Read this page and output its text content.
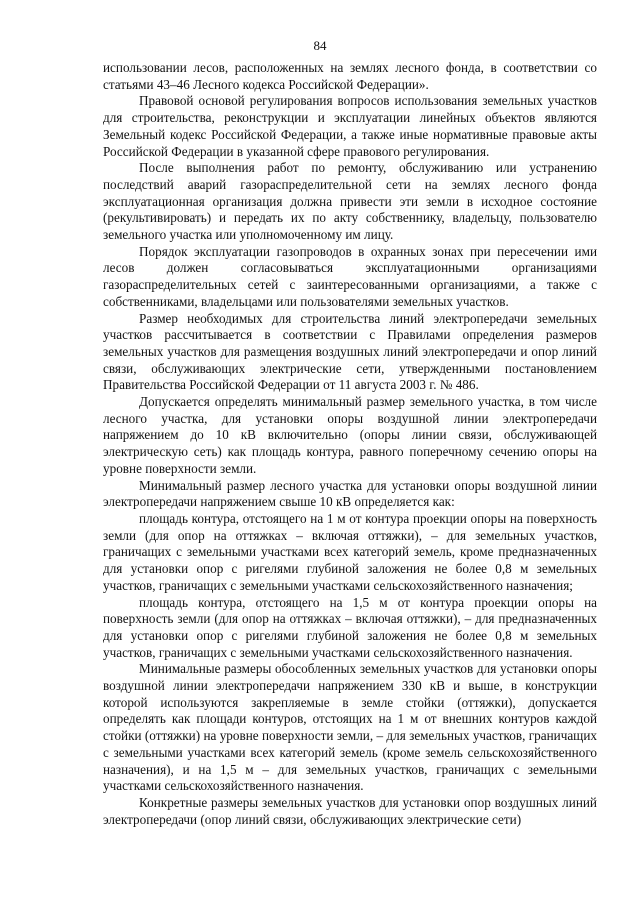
84

использовании лесов, расположенных на землях лесного фонда, в соответствии со статьями 43–46 Лесного кодекса Российской Федерации».

Правовой основой регулирования вопросов использования земельных участков для строительства, реконструкции и эксплуатации линейных объектов являются Земельный кодекс Российской Федерации, а также иные нормативные правовые акты Российской Федерации в указанной сфере правового регулирования.

После выполнения работ по ремонту, обслуживанию или устранению последствий аварий газораспределительной сети на землях лесного фонда эксплуатационная организация должна привести эти земли в исходное состояние (рекультивировать) и передать их по акту собственнику, владельцу, пользователю земельного участка или уполномоченному им лицу.

Порядок эксплуатации газопроводов в охранных зонах при пересечении ими лесов должен согласовываться эксплуатационными организациями газораспределительных сетей с заинтересованными организациями, а также с собственниками, владельцами или пользователями земельных участков.

Размер необходимых для строительства линий электропередачи земельных участков рассчитывается в соответствии с Правилами определения размеров земельных участков для размещения воздушных линий электропередачи и опор линий связи, обслуживающих электрические сети, утвержденными постановлением Правительства Российской Федерации от 11 августа 2003 г. № 486.

Допускается определять минимальный размер земельного участка, в том числе лесного участка, для установки опоры воздушной линии электропередачи напряжением до 10 кВ включительно (опоры линии связи, обслуживающей электрическую сеть) как площадь контура, равного поперечному сечению опоры на уровне поверхности земли.

Минимальный размер лесного участка для установки опоры воздушной линии электропередачи напряжением свыше 10 кВ определяется как:

площадь контура, отстоящего на 1 м от контура проекции опоры на поверхность земли (для опор на оттяжках – включая оттяжки), – для земельных участков, граничащих с земельными участками всех категорий земель, кроме предназначенных для установки опор с ригелями глубиной заложения не более 0,8 м земельных участков, граничащих с земельными участками сельскохозяйственного назначения;

площадь контура, отстоящего на 1,5 м от контура проекции опоры на поверхность земли (для опор на оттяжках – включая оттяжки), – для предназначенных для установки опор с ригелями глубиной заложения не более 0,8 м земельных участков, граничащих с земельными участками сельскохозяйственного назначения.

Минимальные размеры обособленных земельных участков для установки опоры воздушной линии электропередачи напряжением 330 кВ и выше, в конструкции которой используются закрепляемые в земле стойки (оттяжки), допускается определять как площади контуров, отстоящих на 1 м от внешних контуров каждой стойки (оттяжки) на уровне поверхности земли, – для земельных участков, граничащих с земельными участками всех категорий земель (кроме земель сельскохозяйственного назначения), и на 1,5 м – для земельных участков, граничащих с земельными участками сельскохозяйственного назначения.

Конкретные размеры земельных участков для установки опор воздушных линий электропередачи (опор линий связи, обслуживающих электрические сети)
